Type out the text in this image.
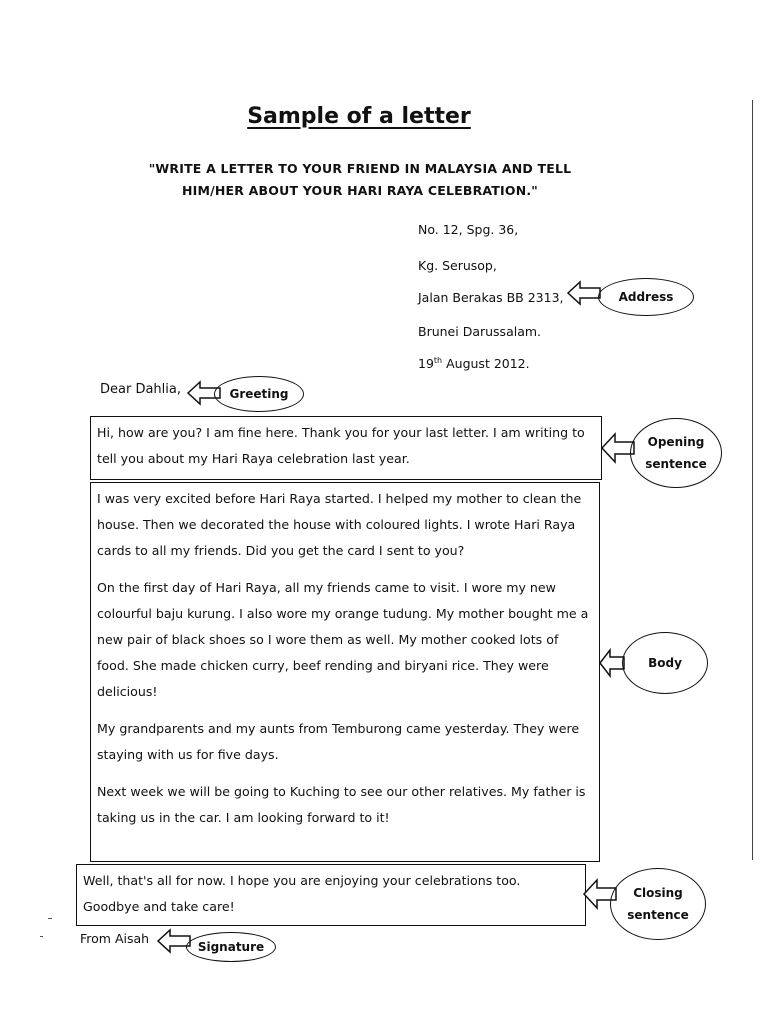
Sample of a letter
"WRITE A LETTER TO YOUR FRIEND IN MALAYSIA AND TELL HIM/HER ABOUT YOUR HARI RAYA CELEBRATION."
No. 12, Spg. 36,
Kg. Serusop,
Jalan Berakas BB 2313,
Brunei Darussalam.
19th August 2012.
Address
Dear Dahlia,	Greeting
Hi, how are you? I am fine here. Thank you for your last letter. I am writing to tell you about my Hari Raya celebration last year.
Opening
sentence

I was very excited before Hari Raya started. I helped my mother to clean the house. Then we decorated the house with coloured lights. I wrote Hari Raya cards to all my friends. Did you get the card I sent to you?

On the first day of Hari Raya, all my friends came to visit. I wore my new colourful baju kurung. I also wore my orange tudung. My mother bought me a new pair of black shoes so I wore them as well. My mother cooked lots of food. She made chicken curry, beef rending and biryani rice. They were delicious!

My grandparents and my aunts from Temburong came yesterday. They were staying with us for five days.

Next week we will be going to Kuching to see our other relatives. My father is taking us in the car. I am looking forward to it!

Body
Well, that's all for now. I hope you are enjoying your celebrations too. Goodbye and take care!
Closing
sentence
From Aisah
Signature
